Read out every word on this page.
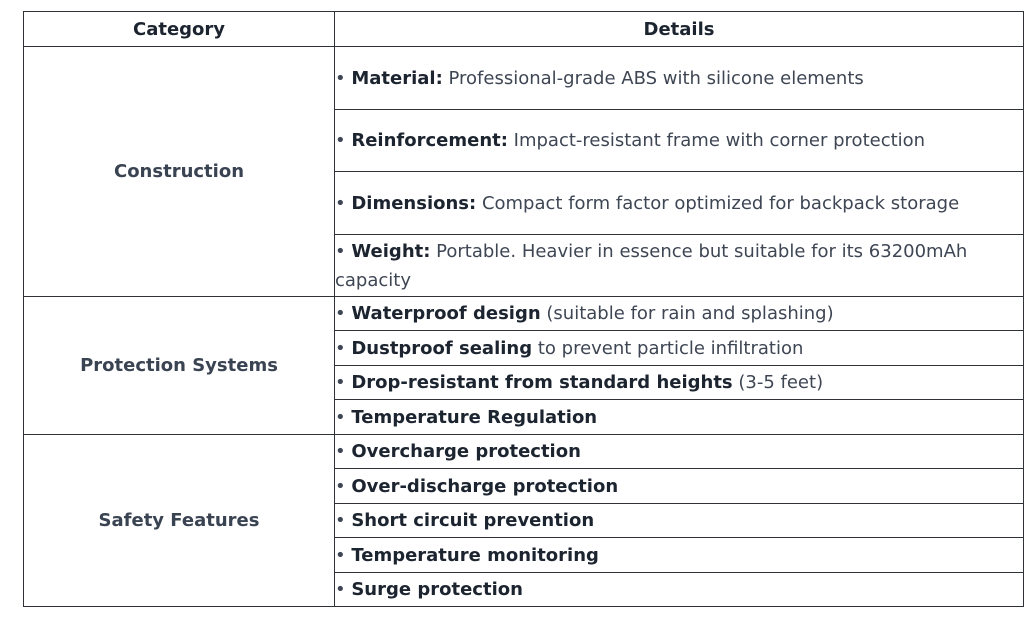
Category	Details
Construction	• Material: Professional-grade ABS with silicone elements
	• Reinforcement: Impact-resistant frame with corner protection
	• Dimensions: Compact form factor optimized for backpack storage
	• Weight: Portable. Heavier in essence but suitable for its 63200mAh capacity
Protection Systems	• Waterproof design (suitable for rain and splashing)
	• Dustproof sealing to prevent particle infiltration
	• Drop-resistant from standard heights (3-5 feet)
	• Temperature Regulation
Safety Features	• Overcharge protection
	• Over-discharge protection
	• Short circuit prevention
	• Temperature monitoring
	• Surge protection
